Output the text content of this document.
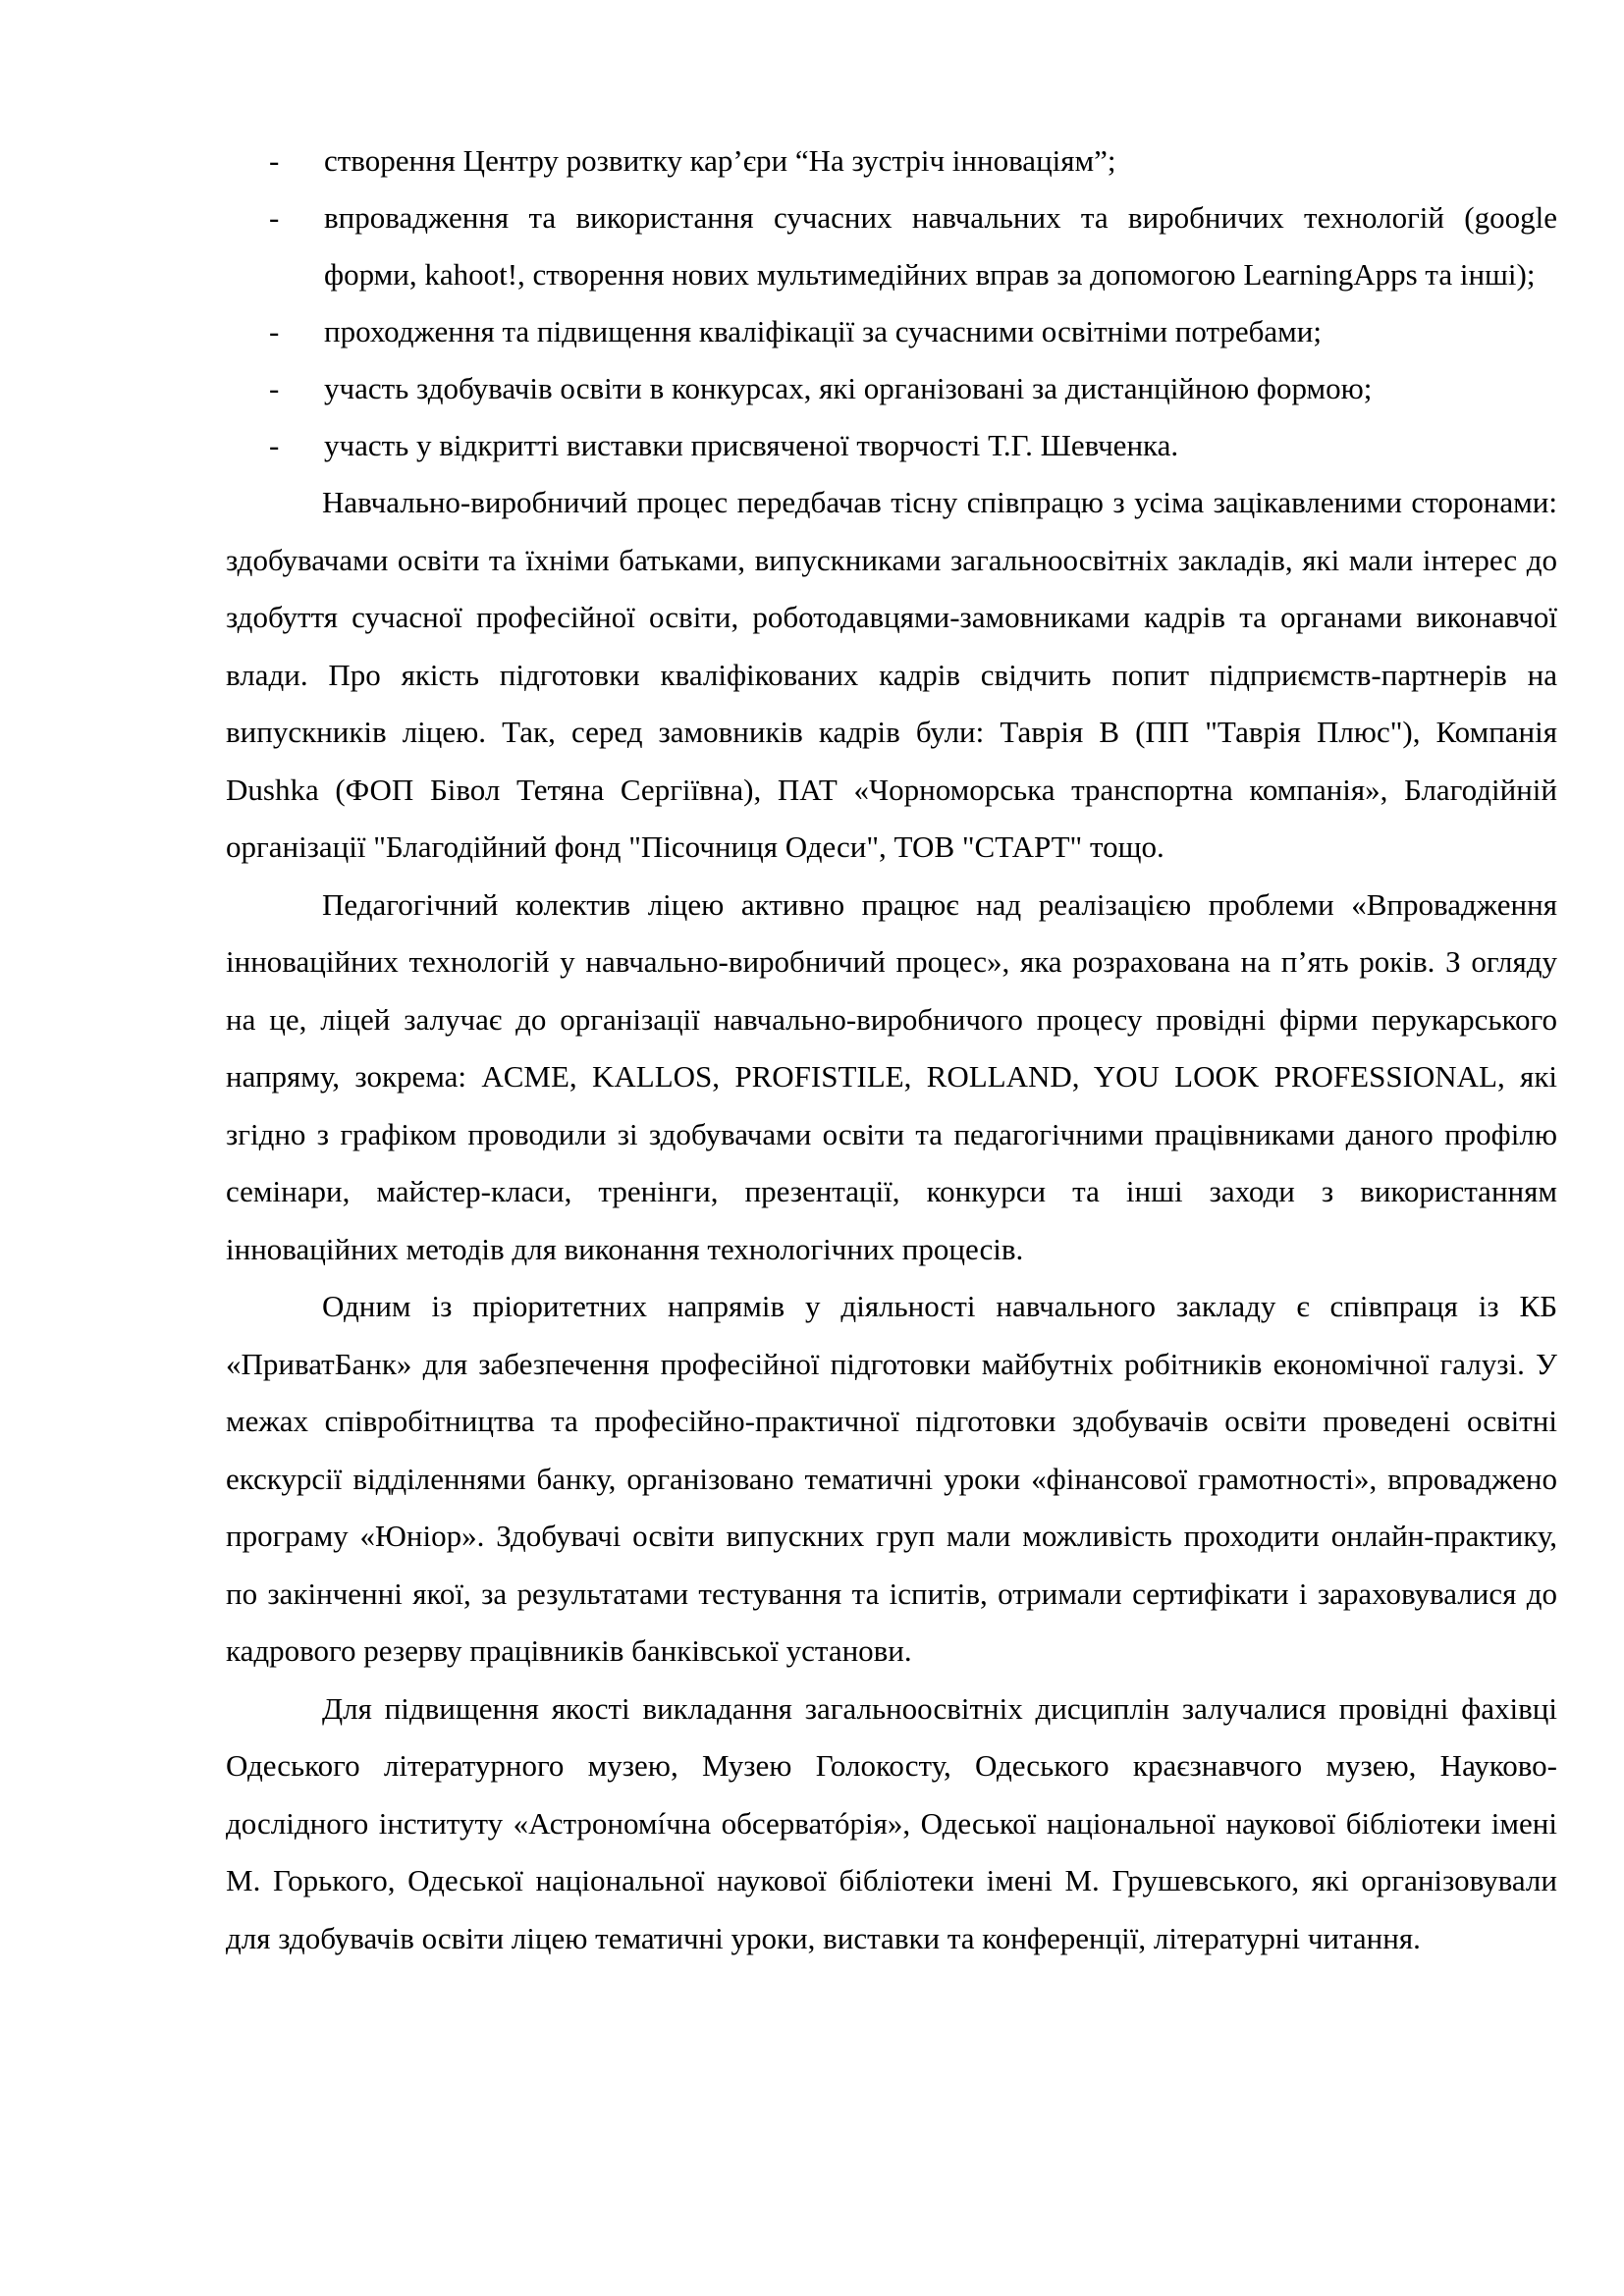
- створення Центру розвитку кар’єри “На зустріч інноваціям”;
- впровадження та використання сучасних навчальних та виробничих технологій (google форми, kahoot!, створення нових мультимедійних вправ за допомогою LearningApps та інші);
- проходження та підвищення кваліфікації за сучасними освітніми потребами;
- участь здобувачів освіти в конкурсах, які організовані за дистанційною формою;
- участь у відкритті виставки присвяченої творчості Т.Г. Шевченка.

Навчально-виробничий процес передбачав тісну співпрацю з усіма зацікавленими сторонами: здобувачами освіти та їхніми батьками, випускниками загальноосвітніх закладів, які мали інтерес до здобуття сучасної професійної освіти, роботодавцями-замовниками кадрів та органами виконавчої влади. Про якість підготовки кваліфікованих кадрів свідчить попит підприємств-партнерів на випускників ліцею. Так, серед замовників кадрів були: Таврія В (ПП "Таврія Плюс"), Компанія Dushka (ФОП Бівол Тетяна Сергіївна), ПАТ «Чорноморська транспортна компанія», Благодійній організації "Благодійний фонд "Пісочниця Одеси", ТОВ "СТАРТ" тощо.

Педагогічний колектив ліцею активно працює над реалізацією проблеми «Впровадження інноваційних технологій у навчально-виробничий процес», яка розрахована на п’ять років. З огляду на це, ліцей залучає до організації навчально-виробничого процесу провідні фірми перукарського напряму, зокрема: ACME, KALLOS, PROFISTILE, ROLLAND, YOU LOOK PROFESSIONAL, які згідно з графіком проводили зі здобувачами освіти та педагогічними працівниками даного профілю семінари, майстер-класи, тренінги, презентації, конкурси та інші заходи з використанням інноваційних методів для виконання технологічних процесів.

Одним із пріоритетних напрямів у діяльності навчального закладу є співпраця із КБ «ПриватБанк» для забезпечення професійної підготовки майбутніх робітників економічної галузі. У межах співробітництва та професійно-практичної підготовки здобувачів освіти проведені освітні екскурсії відділеннями банку, організовано тематичні уроки «фінансової грамотності», впроваджено програму «Юніор». Здобувачі освіти випускних груп мали можливість проходити онлайн-практику, по закінченні якої, за результатами тестування та іспитів, отримали сертифікати і зараховувалися до кадрового резерву працівників банківської установи.

Для підвищення якості викладання загальноосвітніх дисциплін залучалися провідні фахівці Одеського літературного музею, Музею Голокосту, Одеського краєзнавчого музею, Науково-дослідного інституту «Астрономíчна обсерватóрія», Одеської національної наукової бібліотеки імені М. Горького, Одеської національної наукової бібліотеки імені М. Грушевського, які організовували для здобувачів освіти ліцею тематичні уроки, виставки та конференції, літературні читання.
